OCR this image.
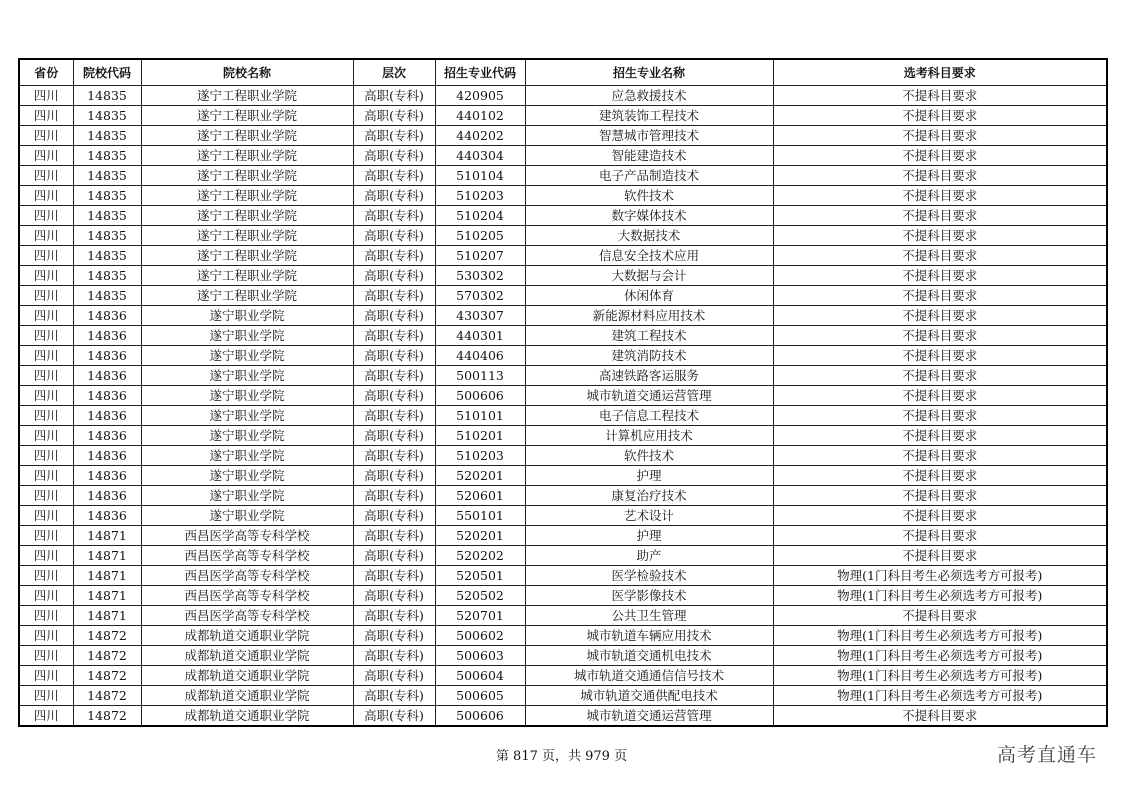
省份	院校代码	院校名称	层次	招生专业代码	招生专业名称	选考科目要求
四川	14835	遂宁工程职业学院	高职(专科)	420905	应急救援技术	不提科目要求
四川	14835	遂宁工程职业学院	高职(专科)	440102	建筑装饰工程技术	不提科目要求
四川	14835	遂宁工程职业学院	高职(专科)	440202	智慧城市管理技术	不提科目要求
四川	14835	遂宁工程职业学院	高职(专科)	440304	智能建造技术	不提科目要求
四川	14835	遂宁工程职业学院	高职(专科)	510104	电子产品制造技术	不提科目要求
四川	14835	遂宁工程职业学院	高职(专科)	510203	软件技术	不提科目要求
四川	14835	遂宁工程职业学院	高职(专科)	510204	数字媒体技术	不提科目要求
四川	14835	遂宁工程职业学院	高职(专科)	510205	大数据技术	不提科目要求
四川	14835	遂宁工程职业学院	高职(专科)	510207	信息安全技术应用	不提科目要求
四川	14835	遂宁工程职业学院	高职(专科)	530302	大数据与会计	不提科目要求
四川	14835	遂宁工程职业学院	高职(专科)	570302	休闲体育	不提科目要求
四川	14836	遂宁职业学院	高职(专科)	430307	新能源材料应用技术	不提科目要求
四川	14836	遂宁职业学院	高职(专科)	440301	建筑工程技术	不提科目要求
四川	14836	遂宁职业学院	高职(专科)	440406	建筑消防技术	不提科目要求
四川	14836	遂宁职业学院	高职(专科)	500113	高速铁路客运服务	不提科目要求
四川	14836	遂宁职业学院	高职(专科)	500606	城市轨道交通运营管理	不提科目要求
四川	14836	遂宁职业学院	高职(专科)	510101	电子信息工程技术	不提科目要求
四川	14836	遂宁职业学院	高职(专科)	510201	计算机应用技术	不提科目要求
四川	14836	遂宁职业学院	高职(专科)	510203	软件技术	不提科目要求
四川	14836	遂宁职业学院	高职(专科)	520201	护理	不提科目要求
四川	14836	遂宁职业学院	高职(专科)	520601	康复治疗技术	不提科目要求
四川	14836	遂宁职业学院	高职(专科)	550101	艺术设计	不提科目要求
四川	14871	西昌医学高等专科学校	高职(专科)	520201	护理	不提科目要求
四川	14871	西昌医学高等专科学校	高职(专科)	520202	助产	不提科目要求
四川	14871	西昌医学高等专科学校	高职(专科)	520501	医学检验技术	物理(1门科目考生必须选考方可报考)
四川	14871	西昌医学高等专科学校	高职(专科)	520502	医学影像技术	物理(1门科目考生必须选考方可报考)
四川	14871	西昌医学高等专科学校	高职(专科)	520701	公共卫生管理	不提科目要求
四川	14872	成都轨道交通职业学院	高职(专科)	500602	城市轨道车辆应用技术	物理(1门科目考生必须选考方可报考)
四川	14872	成都轨道交通职业学院	高职(专科)	500603	城市轨道交通机电技术	物理(1门科目考生必须选考方可报考)
四川	14872	成都轨道交通职业学院	高职(专科)	500604	城市轨道交通通信信号技术	物理(1门科目考生必须选考方可报考)
四川	14872	成都轨道交通职业学院	高职(专科)	500605	城市轨道交通供配电技术	物理(1门科目考生必须选考方可报考)
四川	14872	成都轨道交通职业学院	高职(专科)	500606	城市轨道交通运营管理	不提科目要求
第 817 页，共 979 页	高考直通车
